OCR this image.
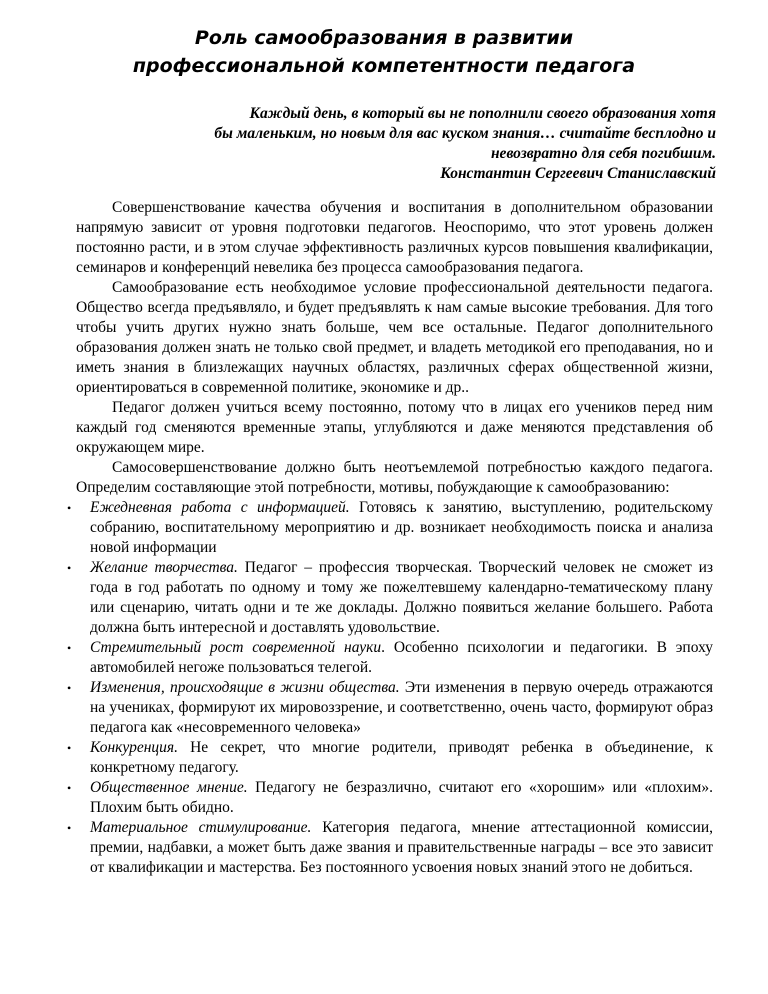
Роль самообразования в развитии
профессиональной компетентности педагога
Каждый день, в который вы не пополнили своего образования хотя
бы маленьким, но новым для вас куском знания… считайте бесплодно и
невозвратно для себя погибшим.
Константин Сергеевич Станиславский

Совершенствование качества обучения и воспитания в дополнительном образовании напрямую зависит от уровня подготовки педагогов. Неоспоримо, что этот уровень должен постоянно расти, и в этом случае эффективность различных курсов повышения квалификации, семинаров и конференций невелика без процесса самообразования педагога.

Самообразование есть необходимое условие профессиональной деятельности педагога. Общество всегда предъявляло, и будет предъявлять к нам самые высокие требования. Для того чтобы учить других нужно знать больше, чем все остальные. Педагог дополнительного образования должен знать не только свой предмет, и владеть методикой его преподавания, но и иметь знания в близлежащих научных областях, различных сферах общественной жизни, ориентироваться в современной политике, экономике и др..

Педагог должен учиться всему постоянно, потому что в лицах его учеников перед ним каждый год сменяются временные этапы, углубляются и даже меняются представления об окружающем мире.

Самосовершенствование должно быть неотъемлемой потребностью каждого педагога. Определим составляющие этой потребности, мотивы, побуждающие к самообразованию:

• Ежедневная работа с информацией. Готовясь к занятию, выступлению, родительскому собранию, воспитательному мероприятию и др. возникает необходимость поиска и анализа новой информации
• Желание творчества. Педагог – профессия творческая. Творческий человек не сможет из года в год работать по одному и тому же пожелтевшему календарно-тематическому плану или сценарию, читать одни и те же доклады. Должно появиться желание большего. Работа должна быть интересной и доставлять удовольствие.
• Стремительный рост современной науки. Особенно психологии и педагогики. В эпоху автомобилей негоже пользоваться телегой.
• Изменения, происходящие в жизни общества. Эти изменения в первую очередь отражаются на учениках, формируют их мировоззрение, и соответственно, очень часто, формируют образ педагога как «несовременного человека»
• Конкуренция. Не секрет, что многие родители, приводят ребенка в объединение, к конкретному педагогу.
• Общественное мнение. Педагогу не безразлично, считают его «хорошим» или «плохим». Плохим быть обидно.
• Материальное стимулирование. Категория педагога, мнение аттестационной комиссии, премии, надбавки, а может быть даже звания и правительственные награды – все это зависит от квалификации и мастерства. Без постоянного усвоения новых знаний этого не добиться.
